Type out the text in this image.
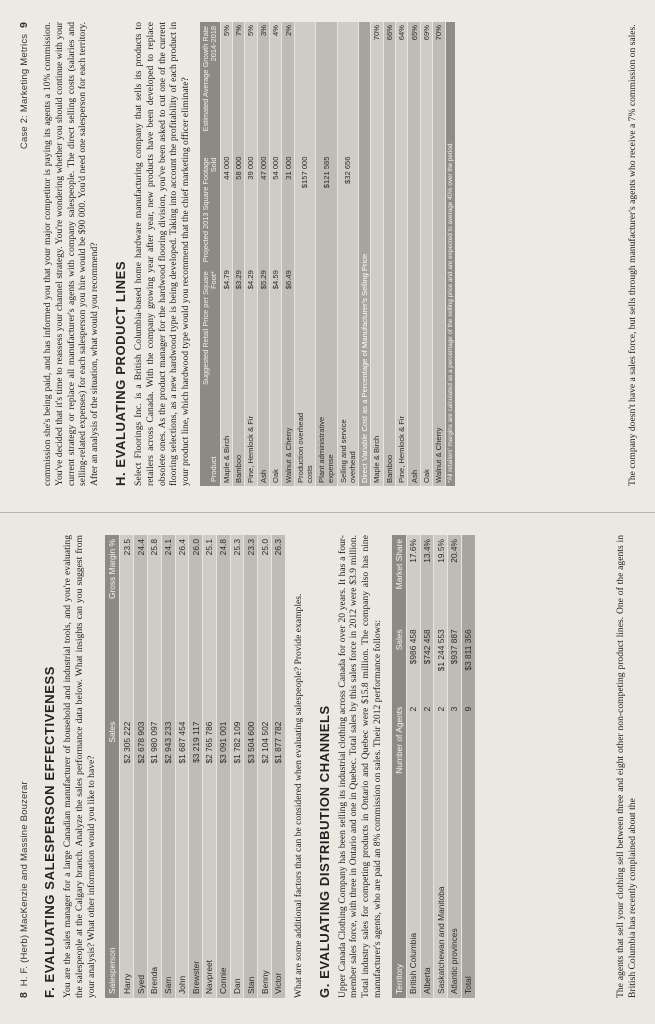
8  H. F. (Herb) MacKenzie and Massine Bouzerar F. EVALUATING SALESPERSON EFFECTIVENESS You are the sales manager for a large Canadian manufacturer of household and industrial tools, and you're evaluating the salespeople at the Calgary branch. Analyze the sales performance data below. What insights can you suggest from your analysis? What other information would you like to have? Salesperson	Sales	Gross Margin %
Harry	$2 305 222	23.5
Syed	$2 678 903	24.4
Brenda	$1 980 097	25.8
Sam	$2 943 233	24.1
John	$1 687 454	26.4
Brewster	$3 219 117	26.0
Navpreet	$2 765 786	25.1
Connie	$3 091 001	24.8
Dan	$1 782 109	25.3
Stan	$3 504 600	23.3
Benny	$2 104 502	25.0
Victor	$1 877 782	26.3

What are some additional factors that can be considered when evaluating salespeople? Provide examples. G. EVALUATING DISTRIBUTION CHANNELS Upper Canada Clothing Company has been selling its industrial clothing across Canada for over 20 years. It has a four-member sales force, with three in Ontario and one in Quebec. Total sales by this sales force in 2012 were $3.9 million. Total industry sales for competing products in Ontario and Quebec were $15.8 million. The company also has nine manufacturer's agents, who are paid an 8% commission on sales. Their 2012 performance follows: Territory	Number of Agents	Sales	Market Share
British Columbia	2	$986 458	17.6%
Alberta	2	$742 458	13.4%
Saskatchewan and Manitoba	2	$1 244 553	19.5%
Atlantic provinces	3	$937 887	20.4%
Total	9	$3 811 356		The agents that sell your clothing sell between three and eight other non-competing product lines. One of the agents in British Columbia has recently complained about the

Case 2: Marketing Metrics  9 commission she's being paid, and has informed you that your major competitor is paying its agents a 10% commission. You've decided that it's time to reassess your channel strategy. You're wondering whether you should continue with your current strategy or replace all manufacturer's agents with company salespeople. The direct selling costs (salaries and selling-related expenses) for each salesperson you hire would be $90 000. You'd need one salesperson for each territory. After an analysis of the situation, what would you recommend? H. EVALUATING PRODUCT LINES Select Floorings Inc. is a British Columbia-based home hardware manufacturing company that sells its products to retailers across Canada. With the company growing year after year, new products have been developed to replace obsolete ones. As the product manager for the hardwood flooring division, you've been asked to cut one of the current flooring selections, as a new hardwood type is being developed. Taking into account the profitability of each product in your product line, which hardwood type would you recommend that the chief marketing officer eliminate? Product	Suggested Retail Price per Square Foot*	Projected 2013 Square Footage Sold	Estimated Average Growth Rate 2014-2018
Maple & Birch	$4.79	44 000	5%
Bamboo	$3.29	58 000	7%
Pine, Hemlock & Fir	$4.29	39 000	5%
Ash	$5.29	47 000	3%
Oak	$4.59	54 000	4%
Walnut & Cherry	$6.49	31 000	2%
Production overhead costs		$157 000	
Plant administrative expense		$121 585	
Selling and service overhead		$32 656	
Direct Variable Cost as a Percentage of Manufacturer's Selling Price			
Maple & Birch			70%
Bamboo			66%
Pine, Hemlock & Fir			64%
Ash			65%
Oak			69%
Walnut & Cherry			70%
*All retailers' margins are calculated as a percentage of the selling price and are expected to average 40% over the period.				The company doesn't have a sales force, but sells through manufacturer's agents who receive a 7% commission on sales.
